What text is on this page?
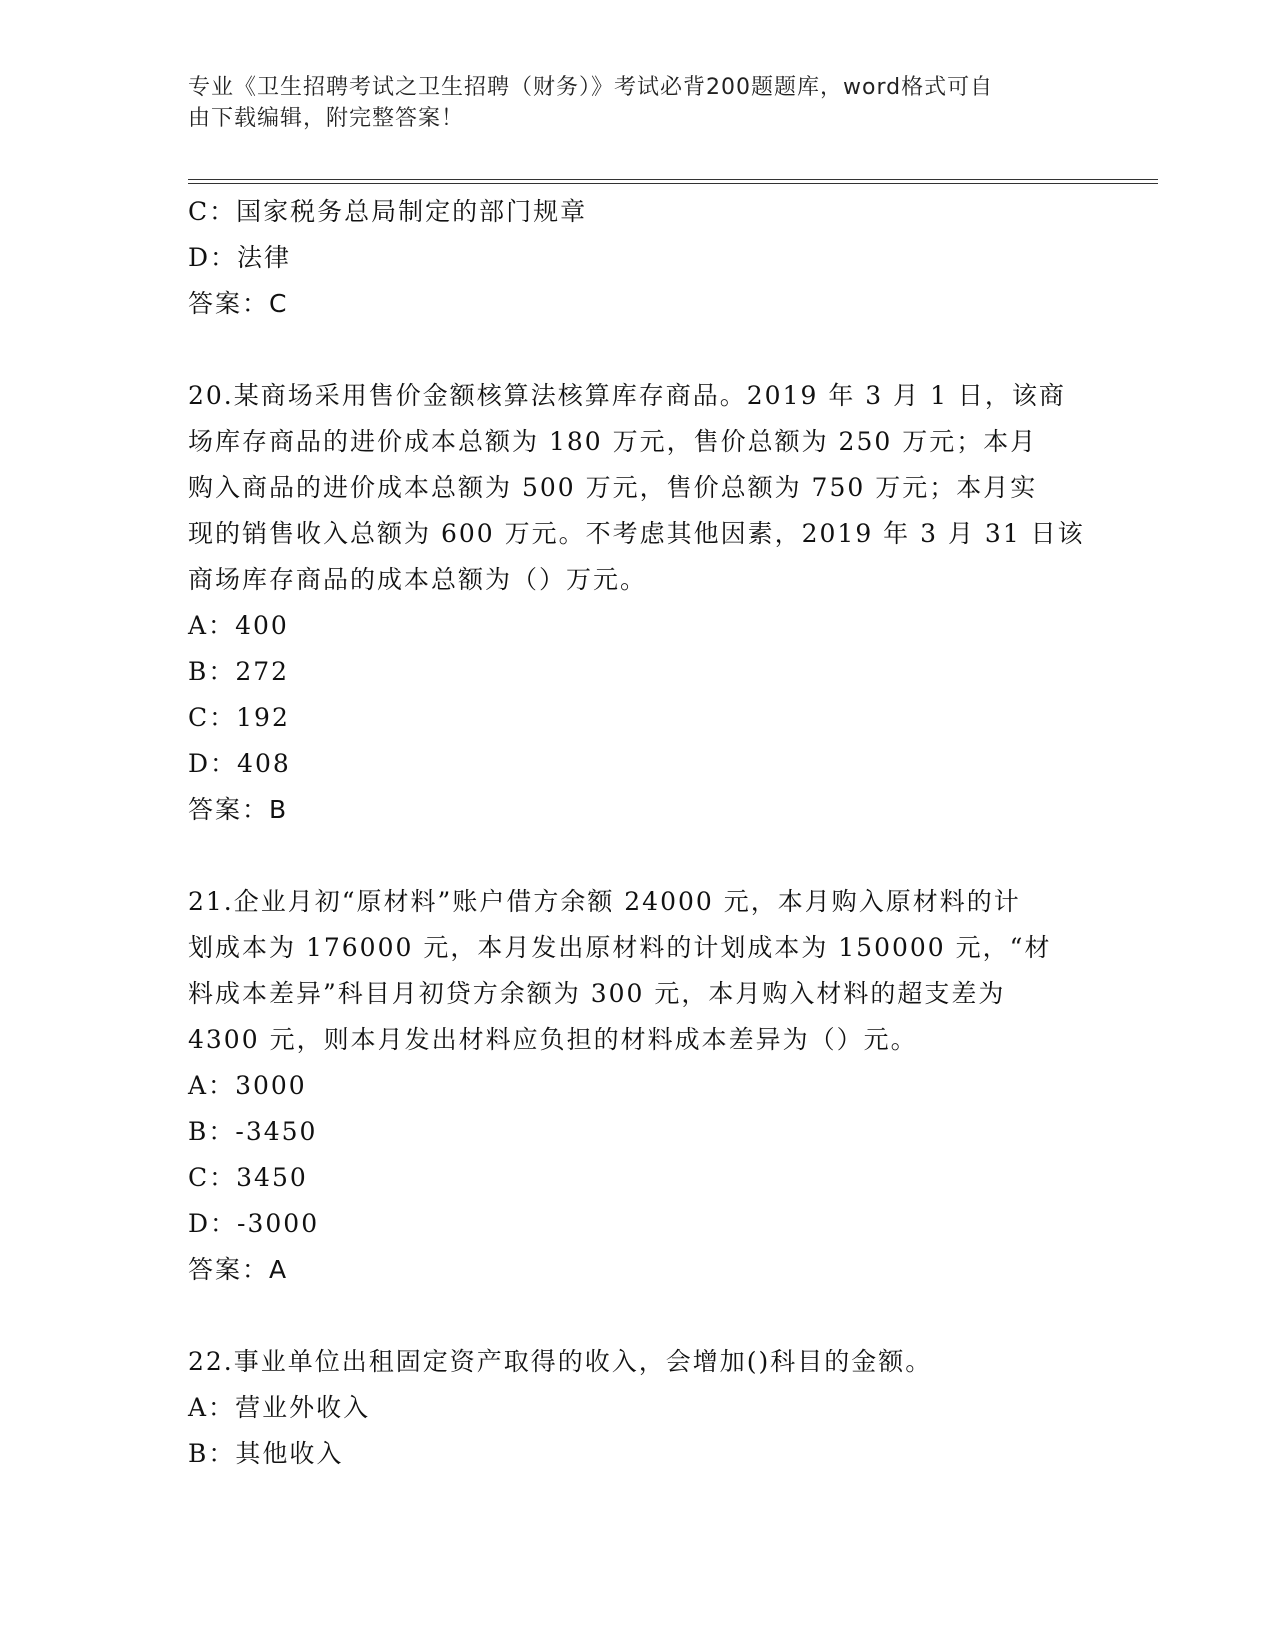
专业《卫生招聘考试之卫生招聘（财务）》考试必背200题题库，word格式可自
由下载编辑，附完整答案！
C：国家税务总局制定的部门规章
D：法律
答案：C
20.某商场采用售价金额核算法核算库存商品。2019 年 3 月 1 日，该商
场库存商品的进价成本总额为 180 万元，售价总额为 250 万元；本月
购入商品的进价成本总额为 500 万元，售价总额为 750 万元；本月实
现的销售收入总额为 600 万元。不考虑其他因素，2019 年 3 月 31 日该
商场库存商品的成本总额为（）万元。
A：400
B：272
C：192
D：408
答案：B
21.企业月初“原材料”账户借方余额 24000 元，本月购入原材料的计
划成本为 176000 元，本月发出原材料的计划成本为 150000 元，“材
料成本差异”科目月初贷方余额为 300 元，本月购入材料的超支差为
4300 元，则本月发出材料应负担的材料成本差异为（）元。
A：3000
B：-3450
C：3450
D：-3000
答案：A
22.事业单位出租固定资产取得的收入，会增加()科目的金额。
A：营业外收入
B：其他收入
